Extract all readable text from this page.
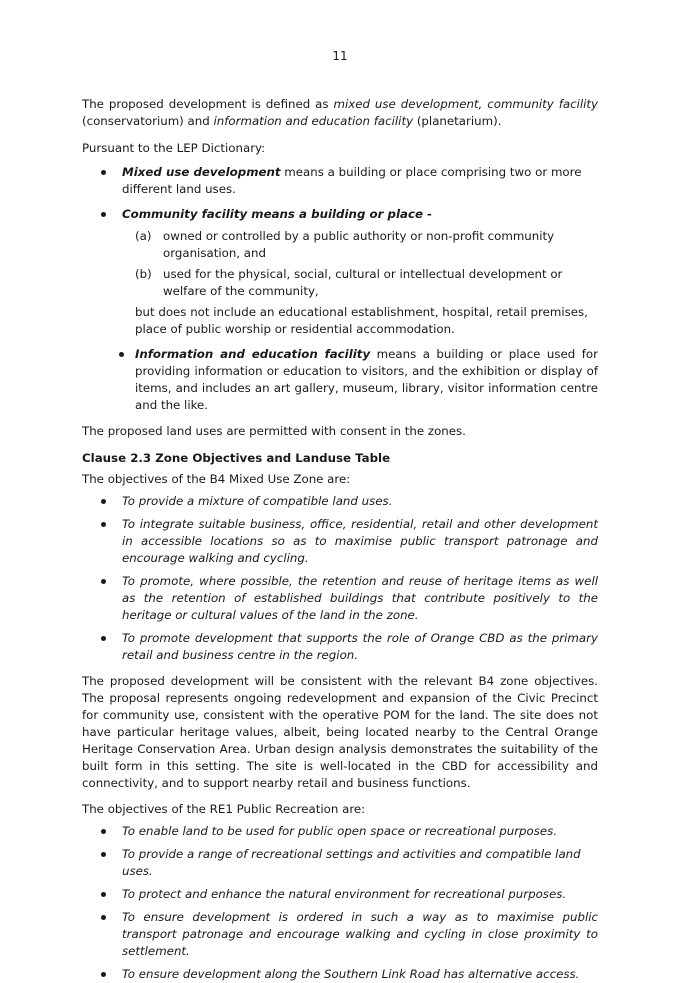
11

The proposed development is defined as mixed use development, community facility (conservatorium) and information and education facility (planetarium).

Pursuant to the LEP Dictionary:

Mixed use development means a building or place comprising two or more different land uses.
Community facility means a building or place -
(a) owned or controlled by a public authority or non-profit community organisation, and
(b) used for the physical, social, cultural or intellectual development or welfare of the community,
but does not include an educational establishment, hospital, retail premises, place of public worship or residential accommodation.
Information and education facility means a building or place used for providing information or education to visitors, and the exhibition or display of items, and includes an art gallery, museum, library, visitor information centre and the like.

The proposed land uses are permitted with consent in the zones.

Clause 2.3 Zone Objectives and Landuse Table

The objectives of the B4 Mixed Use Zone are:

To provide a mixture of compatible land uses.
To integrate suitable business, office, residential, retail and other development in accessible locations so as to maximise public transport patronage and encourage walking and cycling.
To promote, where possible, the retention and reuse of heritage items as well as the retention of established buildings that contribute positively to the heritage or cultural values of the land in the zone.
To promote development that supports the role of Orange CBD as the primary retail and business centre in the region.

The proposed development will be consistent with the relevant B4 zone objectives. The proposal represents ongoing redevelopment and expansion of the Civic Precinct for community use, consistent with the operative POM for the land. The site does not have particular heritage values, albeit, being located nearby to the Central Orange Heritage Conservation Area. Urban design analysis demonstrates the suitability of the built form in this setting. The site is well-located in the CBD for accessibility and connectivity, and to support nearby retail and business functions.

The objectives of the RE1 Public Recreation are:

To enable land to be used for public open space or recreational purposes.
To provide a range of recreational settings and activities and compatible land uses.
To protect and enhance the natural environment for recreational purposes.
To ensure development is ordered in such a way as to maximise public transport patronage and encourage walking and cycling in close proximity to settlement.
To ensure development along the Southern Link Road has alternative access.
